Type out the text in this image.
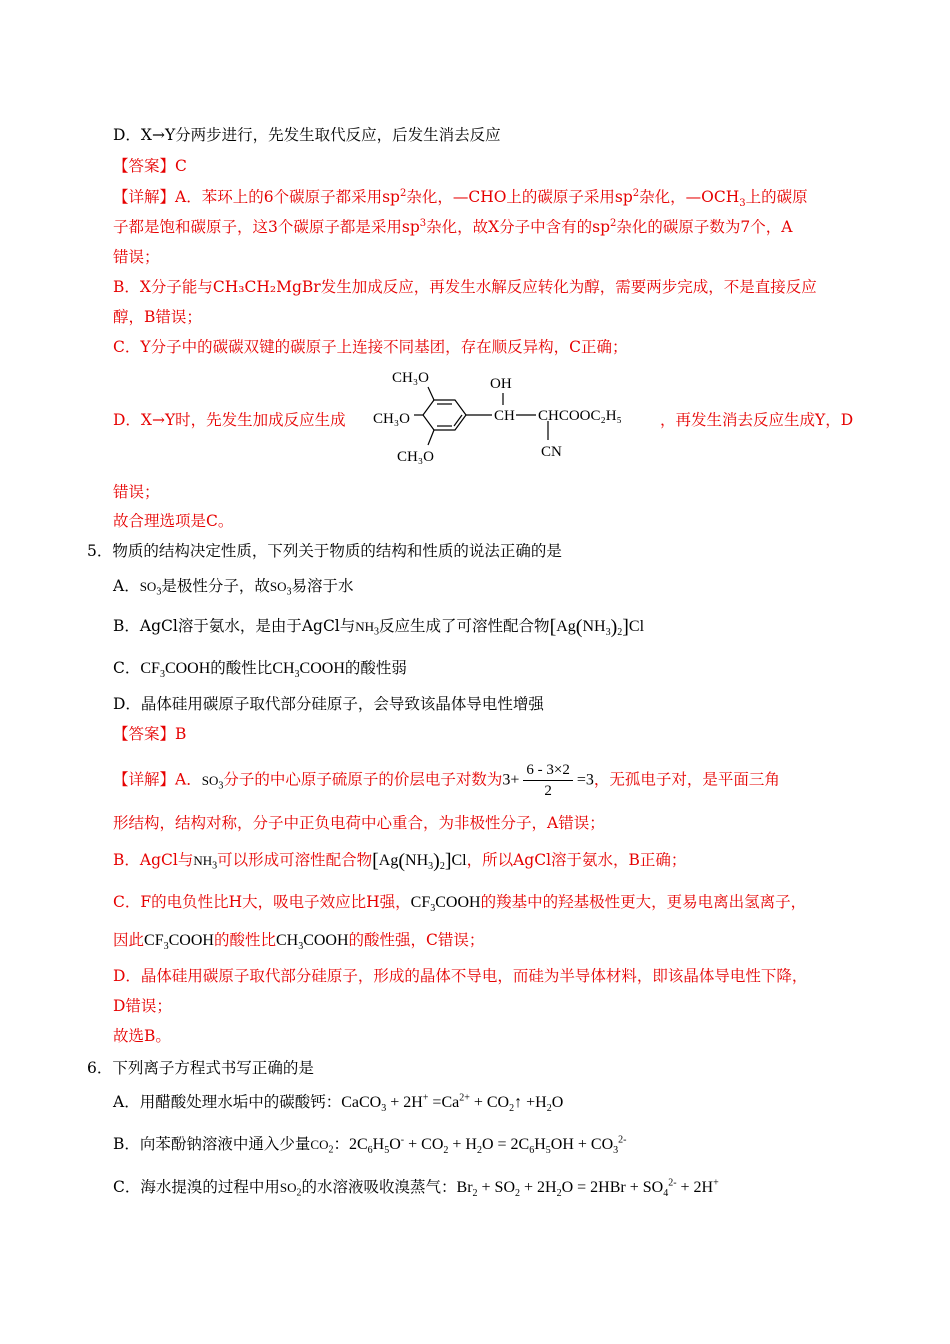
D．X→Y分两步进行，先发生取代反应，后发生消去反应
【答案】C
【详解】A．苯环上的6个碳原子都采用$sp^2$杂化，—CHO上的碳原子采用$sp^2$杂化，$—OCH_3$上的碳原
子都是饱和碳原子，这3个碳原子都是采用$sp^3$杂化，故X分子中含有的$sp^2$杂化的碳原子数为7个，A
错误；
B．X分子能与CH₃CH₂MgBr发生加成反应，再发生水解反应转化为醇，需要两步完成，不是直接反应
醇，B错误；
C．Y分子中的碳碳双键的碳原子上连接不同基团，存在顺反异构，C正确；
D．X→Y时，先发生加成反应生成
CH₃O	OH
CH₃O	CH CHCOOC₂H₅
CN
CH₃O
，再发生消去反应生成Y，D
错误；
故合理选项是C。
5．物质的结构决定性质，下列关于物质的结构和性质的说法正确的是
A．$SO_3$是极性分子，故$SO_3$易溶于水
B．AgCl溶于氨水，是由于AgCl与$NH_3$反应生成了可溶性配合物$[Ag(NH_3)_2]Cl$
C．$CF_3COOH$的酸性比$CH_3COOH$的酸性弱
D．晶体硅用碳原子取代部分硅原子，会导致该晶体导电性增强
【答案】B
【详解】A．$SO_3$分子的中心原子硫原子的价层电子对数为$3+ \frac{6 - 3\times 2}{2} =3$，无孤电子对，是平面三角
形结构，结构对称，分子中正负电荷中心重合，为非极性分子，A错误；
B．AgCl与$NH_3$可以形成可溶性配合物$[Ag(NH_3)_2]Cl$，所以AgCl溶于氨水，B正确；
C．F的电负性比H大，吸电子效应比H强，$CF_3COOH$的羧基中的羟基极性更大，更易电离出氢离子，
因此$CF_3COOH$的酸性比$CH_3COOH$的酸性强，C错误；
D．晶体硅用碳原子取代部分硅原子，形成的晶体不导电，而硅为半导体材料，即该晶体导电性下降，
D错误；
故选B。
6．下列离子方程式书写正确的是
A．用醋酸处理水垢中的碳酸钙：CaCO$_3$ + $2H^+ =Ca^{2+}$ + $CO_2↑ +H_2O$
B．向苯酚钠溶液中通入少量$CO_2$：$2C_6H_5O^- + CO_2 + H_2O = 2C_6H_5OH + CO_3^{2-}$
C．海水提溴的过程中用$SO_2$的水溶液吸收溴蒸气：$Br_2 + SO_2 + 2H_2O = 2HBr + SO_4^{2-} + 2H^+$
